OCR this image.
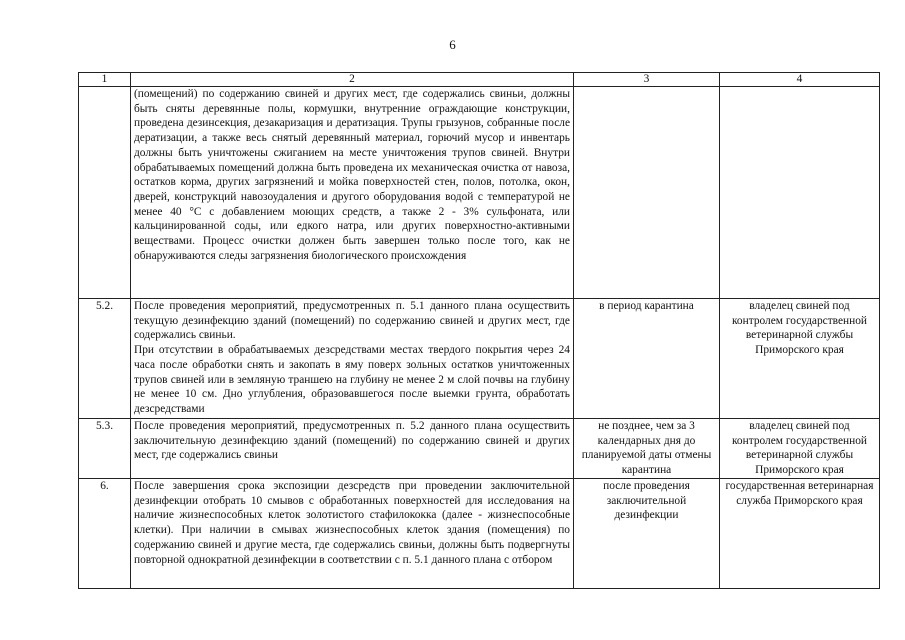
6
1	2	3	4
	(помещений) по содержанию свиней и других мест, где содержались свиньи, должны быть сняты деревянные полы, кормушки, внутренние ограждающие конструкции, проведена дезинсекция, дезакаризация и дератизация. Трупы грызунов, собранные после дератизации, а также весь снятый деревянный материал, горючий мусор и инвентарь должны быть уничтожены сжиганием на месте уничтожения трупов свиней. Внутри обрабатываемых помещений должна быть проведена их механическая очистка от навоза, остатков корма, других загрязнений и мойка поверхностей стен, полов, потолка, окон, дверей, конструкций навозоудаления и другого оборудования водой с температурой не менее 40 °С с добавлением моющих средств, а также 2 - 3% сульфоната, или кальцинированной соды, или едкого натра, или других поверхностно-активными веществами. Процесс очистки должен быть завершен только после того, как не обнаруживаются следы загрязнения биологического происхождения		
5.2.	После проведения мероприятий, предусмотренных п. 5.1 данного плана осуществить текущую дезинфекцию зданий (помещений) по содержанию свиней и других мест, где содержались свиньи.
При отсутствии в обрабатываемых дезсредствами местах твердого покрытия через 24 часа после обработки снять и закопать в яму поверх зольных остатков уничтоженных трупов свиней или в земляную траншею на глубину не менее 2 м слой почвы на глубину не менее 10 см. Дно углубления, образовавшегося после выемки грунта, обработать дезсредствами	в период карантина	владелец свиней под контролем государственной ветеринарной службы Приморского края
5.3.	После проведения мероприятий, предусмотренных п. 5.2 данного плана осуществить заключительную дезинфекцию зданий (помещений) по содержанию свиней и других мест, где содержались свиньи	не позднее, чем за 3 календарных дня до планируемой даты отмены карантина	владелец свиней под контролем государственной ветеринарной службы Приморского края
6.	После завершения срока экспозиции дезсредств при проведении заключительной дезинфекции отобрать 10 смывов с обработанных поверхностей для исследования на наличие жизнеспособных клеток золотистого стафилококка (далее - жизнеспособные клетки). При наличии в смывах жизнеспособных клеток здания (помещения) по содержанию свиней и другие места, где содержались свиньи, должны быть подвергнуты повторной однократной дезинфекции в соответствии с п. 5.1 данного плана с отбором	после проведения заключительной дезинфекции	государственная ветеринарная служба Приморского края
